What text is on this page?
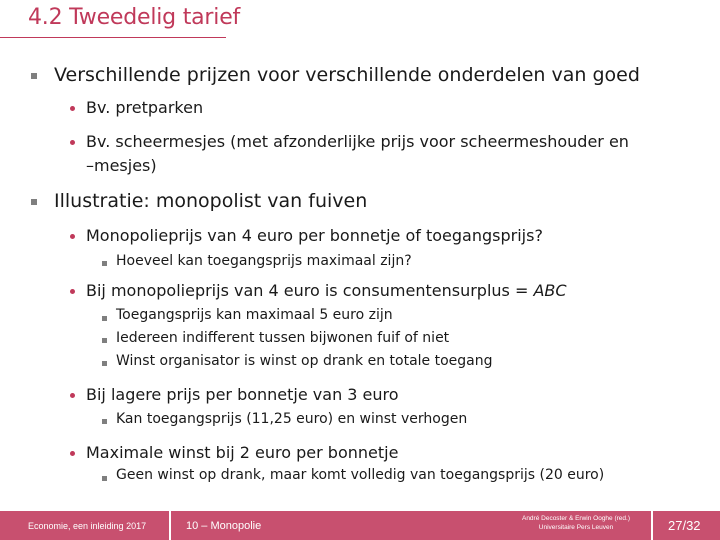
4.2 Tweedelig tarief
Verschillende prijzen voor verschillende onderdelen van goed
Bv. pretparken
Bv. scheermesjes (met afzonderlijke prijs voor scheermeshouder en
–mesjes)
Illustratie: monopolist van fuiven
Monopolieprijs van 4 euro per bonnetje of toegangsprijs?
Hoeveel kan toegangsprijs maximaal zijn?
Bij monopolieprijs van 4 euro is consumentensurplus = ABC
Toegangsprijs kan maximaal 5 euro zijn
Iedereen indifferent tussen bijwonen fuif of niet
Winst organisator is winst op drank en totale toegang
Bij lagere prijs per bonnetje van 3 euro
Kan toegangsprijs (11,25 euro) en winst verhogen
Maximale winst bij 2 euro per bonnetje
Geen winst op drank, maar komt volledig van toegangsprijs (20 euro)
Economie, een inleiding 2017	10 – Monopolie
André Decoster & Erwin Ooghe (red.)
Universitaire Pers Leuven	27/32
